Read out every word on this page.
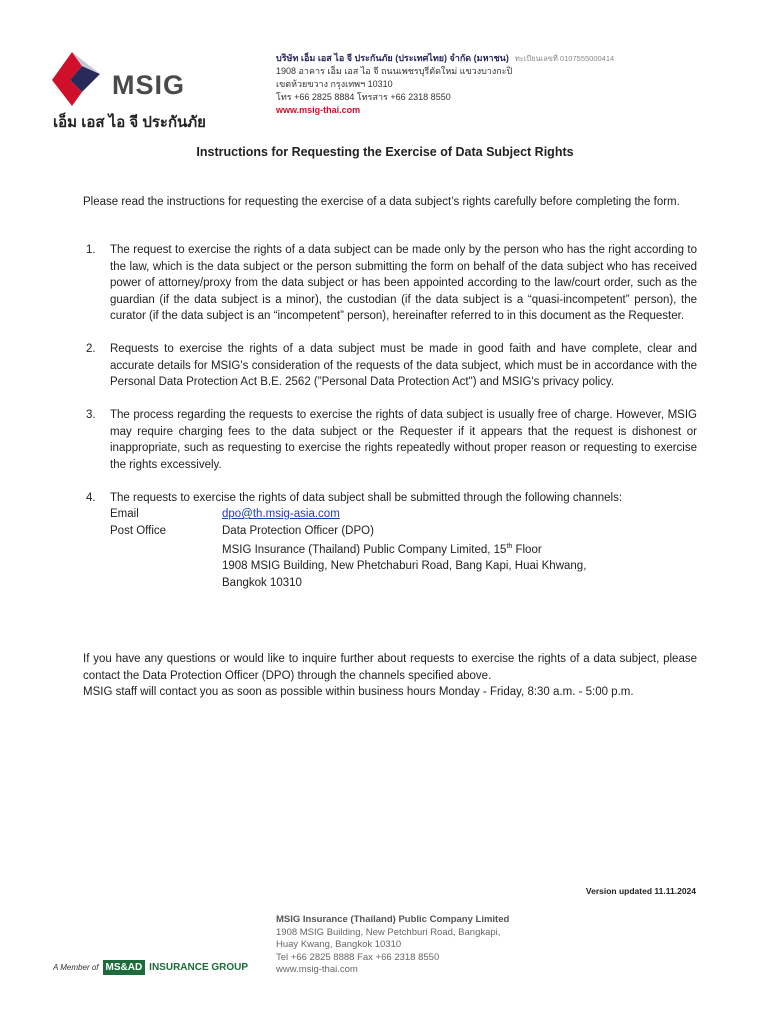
MSIG
เอ็ม เอส ไอ จี ประกันภัย
บริษัท เอ็ม เอส ไอ จี ประกันภัย (ประเทศไทย) จำกัด (มหาชน) ทะเบียนเลขที่ 0107555000414
1908 อาคาร เอ็ม เอส ไอ จี ถนนเพชรบุรีตัดใหม่ แขวงบางกะปิ
เขตห้วยขวาง กรุงเทพฯ 10310
โทร +66 2825 8884 โทรสาร +66 2318 8550
www.msig-thai.com
Instructions for Requesting the Exercise of Data Subject Rights
Please read the instructions for requesting the exercise of a data subject’s rights carefully before completing the form.
1. The request to exercise the rights of a data subject can be made only by the person who has the right according to the law, which is the data subject or the person submitting the form on behalf of the data subject who has received power of attorney/proxy from the data subject or has been appointed according to the law/court order, such as the guardian (if the data subject is a minor), the custodian (if the data subject is a “quasi-incompetent” person), the curator (if the data subject is an “incompetent” person), hereinafter referred to in this document as the Requester.
2. Requests to exercise the rights of a data subject must be made in good faith and have complete, clear and accurate details for MSIG's consideration of the requests of the data subject, which must be in accordance with the Personal Data Protection Act B.E. 2562 (”Personal Data Protection Act") and MSIG's privacy policy.
3. The process regarding the requests to exercise the rights of data subject is usually free of charge. However, MSIG may require charging fees to the data subject or the Requester if it appears that the request is dishonest or inappropriate, such as requesting to exercise the rights repeatedly without proper reason or requesting to exercise the rights excessively.
4. The requests to exercise the rights of data subject shall be submitted through the following channels:
Email	dpo@th.msig-asia.com
Post Office	Data Protection Officer (DPO)
MSIG Insurance (Thailand) Public Company Limited, 15th Floor
1908 MSIG Building, New Phetchaburi Road, Bang Kapi, Huai Khwang,
Bangkok 10310
If you have any questions or would like to inquire further about requests to exercise the rights of a data subject, please contact the Data Protection Officer (DPO) through the channels specified above.
MSIG staff will contact you as soon as possible within business hours Monday - Friday, 8:30 a.m. - 5:00 p.m.
Version updated 11.11.2024
MSIG Insurance (Thailand) Public Company Limited
1908 MSIG Building, New Petchburi Road, Bangkapi,
Huay Kwang, Bangkok 10310
Tel +66 2825 8888 Fax +66 2318 8550
www.msig-thai.com
A Member of MS&AD INSURANCE GROUP
